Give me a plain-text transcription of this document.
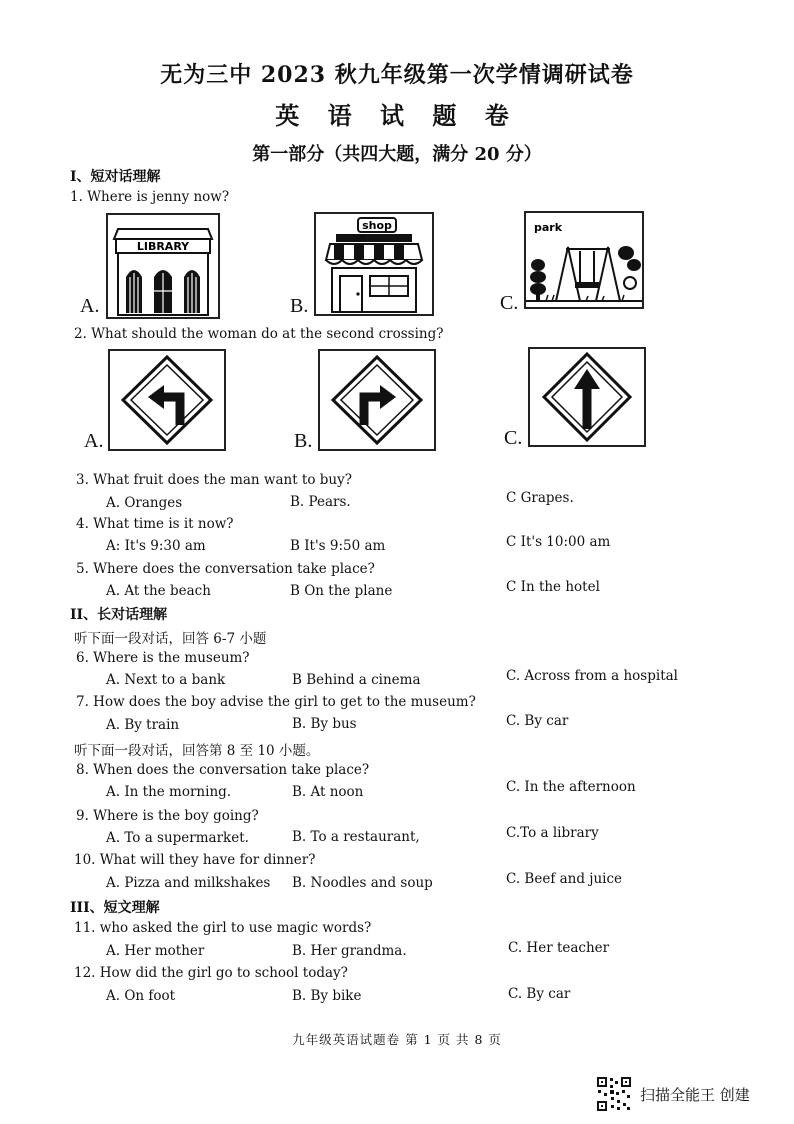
无为三中 2023 秋九年级第一次学情调研试卷
英 语 试 题 卷
第一部分（共四大题，满分 20 分）
I、短对话理解
1. Where is jenny now?
A.
LIBRARY
B.
shop
C.
park
2. What should the woman do at the second crossing?
A.	B.	C.
3. What fruit does the man want to buy?
A. Oranges	B. Pears.	C Grapes.
4. What time is it now?
A: It's 9:30 am	B It's 9:50 am	C It's 10:00 am
5. Where does the conversation take place?
A. At the beach	B On the plane	C In the hotel
II、长对话理解
听下面一段对话，回答 6-7 小题
6. Where is the museum?
A. Next to a bank	B Behind a cinema	C. Across from a hospital
7. How does the boy advise the girl to get to the museum?
A. By train	B. By bus	C. By car
听下面一段对话，回答第 8 至 10 小题。
8. When does the conversation take place?
A. In the morning.	B. At noon	C. In the afternoon
9. Where is the boy going?
A. To a supermarket.	B. To a restaurant,	C.To a library
10. What will they have for dinner?
A. Pizza and milkshakes B. Noodles and soup	C. Beef and juice
III、短文理解
11. who asked the girl to use magic words?
A. Her mother	B. Her grandma.	C. Her teacher
12. How did the girl go to school today?
A. On foot	B. By bike	C. By car
九年级英语试题卷 第 1 页 共 8 页
扫描全能王 创建
